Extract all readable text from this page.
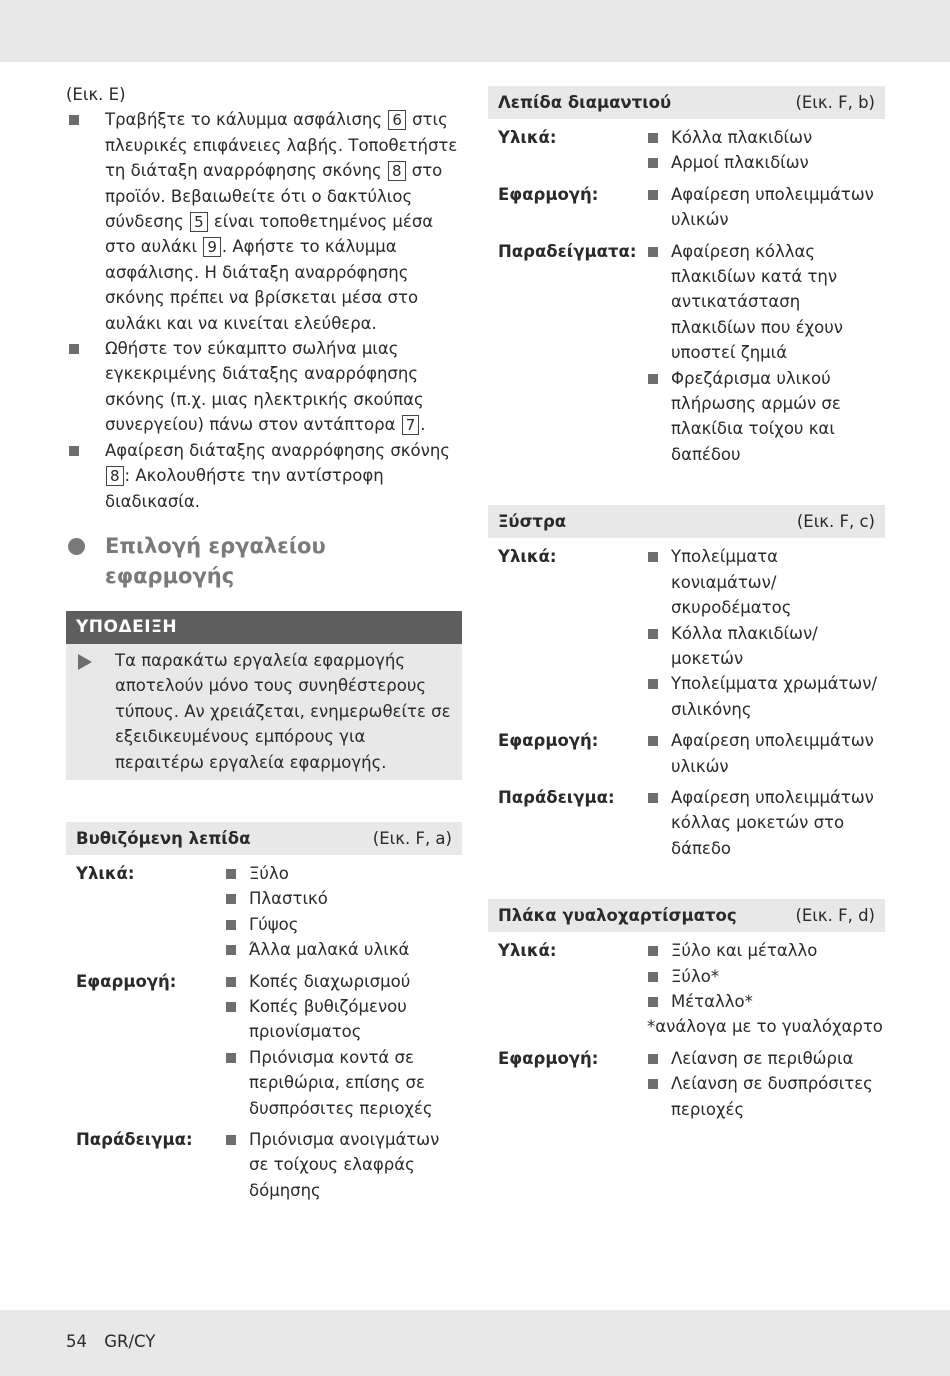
(Εικ. E)

Τραβήξτε το κάλυμμα ασφάλισης 6 στις πλευρικές επιφάνειες λαβής. Τοποθετήστε τη διάταξη αναρρόφησης σκόνης 8 στο προϊόν. Βεβαιωθείτε ότι ο δακτύλιος σύνδεσης 5 είναι τοποθετημένος μέσα στο αυλάκι 9 . Αφήστε το κάλυμμα ασφάλισης. Η διάταξη αναρρόφησης σκόνης πρέπει να βρίσκεται μέσα στο αυλάκι και να κινείται ελεύθερα.
Ωθήστε τον εύκαμπτο σωλήνα μιας εγκεκριμένης διάταξης αναρρόφησης σκόνης (π.χ. μιας ηλεκτρικής σκούπας συνεργείου) πάνω στον αντάπτορα 7 .
Αφαίρεση διάταξης αναρρόφησης σκόνης 8 : Ακολουθήστε την αντίστροφη διαδικασία.
Επιλογή εργαλείου εφαρμογής
ΥΠΟΔΕΙΞΗ
Τα παρακάτω εργαλεία εφαρμογής αποτελούν μόνο τους συνηθέστερους τύπους. Αν χρειάζεται, ενημερωθείτε σε εξειδικευμένους εμπόρους για περαιτέρω εργαλεία εφαρμογής.
Βυθιζόμενη λεπίδα	(Εικ. F, a)
Υλικά:	Ξύλο
Πλαστικό
Γύψος
Άλλα μαλακά υλικά
Εφαρμογή:	Κοπές διαχωρισμού
Κοπές βυθιζόμενου πριονίσματος
Πριόνισμα κοντά σε περιθώρια, επίσης σε δυσπρόσιτες περιοχές
Παράδειγμα:	Πριόνισμα ανοιγμάτων σε τοίχους ελαφράς δόμησης
Λεπίδα διαμαντιού	(Εικ. F, b)
Υλικά:	Κόλλα πλακιδίων
Αρμοί πλακιδίων
Εφαρμογή:	Αφαίρεση υπολειμμάτων υλικών
Παραδείγματα:	Αφαίρεση κόλλας πλακιδίων κατά την αντικατάσταση πλακιδίων που έχουν υποστεί ζημιά
Φρεζάρισμα υλικού πλήρωσης αρμών σε πλακίδια τοίχου και δαπέδου
Ξύστρα	(Εικ. F, c)
Υλικά:	Υπολείμματα κονιαμάτων/ σκυροδέματος
Κόλλα πλακιδίων/ μοκετών
Υπολείμματα χρωμάτων/σιλικόνης
Εφαρμογή:	Αφαίρεση υπολειμμάτων υλικών
Παράδειγμα:	Αφαίρεση υπολειμμάτων κόλλας μοκετών στο δάπεδο
Πλάκα γυαλοχαρτίσματος	(Εικ. F, d)
Υλικά:	Ξύλο και μέταλλο
Ξύλο*
Μέταλλο*

*ανάλογα με το γυαλόχαρτο

Εφαρμογή:	Λείανση σε περιθώρια
Λείανση σε δυσπρόσιτες περιοχές
54 GR/CY
